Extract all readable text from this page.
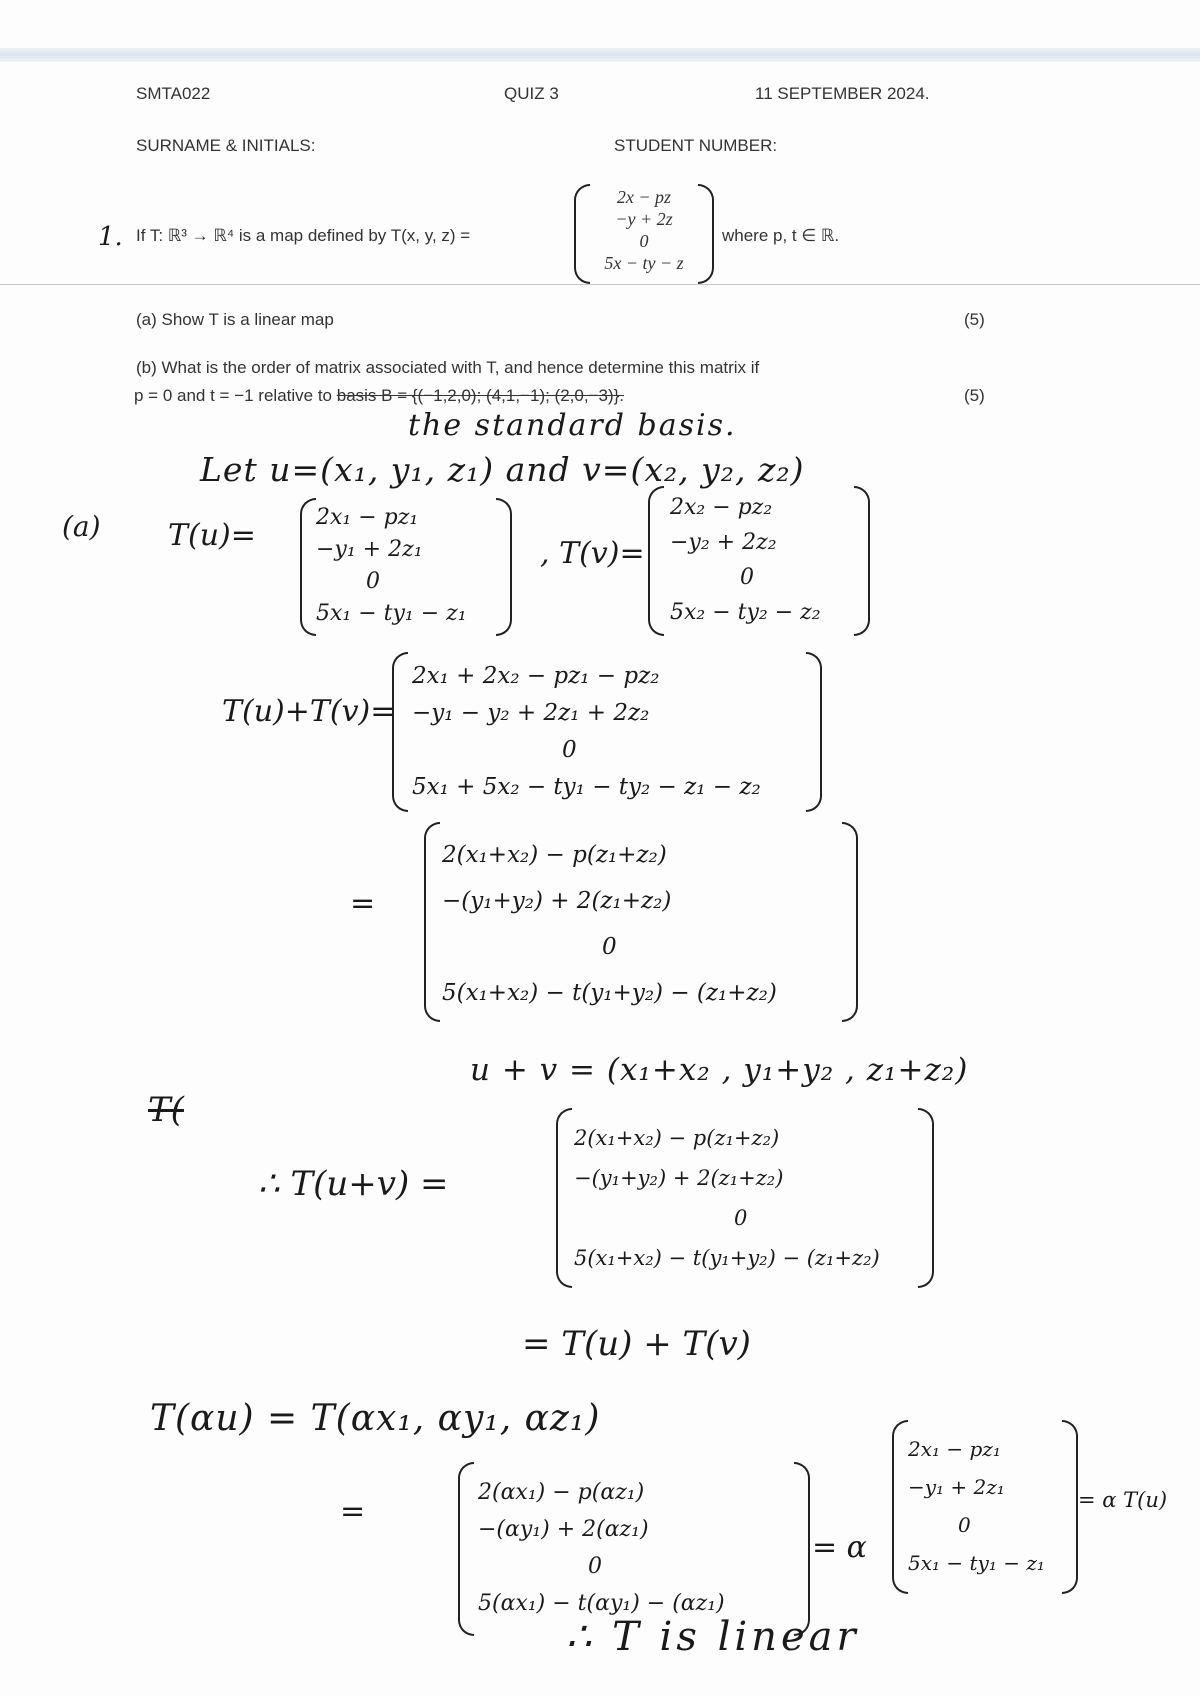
SMTA022	QUIZ 3	11 SEPTEMBER 2024.
SURNAME & INITIALS:	STUDENT NUMBER:
1. If T: ℝ³ → ℝ⁴ is a map defined by T(x, y, z) =
2x − pz
−y + 2z
0
5x − ty − z
where p, t ∈ ℝ.
(a) Show T is a linear map	(5)
(b) What is the order of matrix associated with T, and hence determine this matrix if
p = 0 and t = −1 relative to basis B = {(−1,2,0); (4,1,−1); (2,0,−3)}.	(5)
the standard basis.
Let u=(x₁, y₁, z₁) and v=(x₂, y₂, z₂)
(a) T(u)=
2x₁ − pz₁
−y₁ + 2z₁
0
5x₁ − ty₁ − z₁
, T(v)=
2x₂ − pz₂
−y₂ + 2z₂
0
5x₂ − ty₂ − z₂
T(u)+T(v)=
2x₁ + 2x₂ − pz₁ − pz₂
−y₁ − y₂ + 2z₁ + 2z₂
0
5x₁ + 5x₂ − ty₁ − ty₂ − z₁ − z₂
=
2(x₁+x₂) − p(z₁+z₂)
−(y₁+y₂) + 2(z₁+z₂)
0
5(x₁+x₂) − t(y₁+y₂) − (z₁+z₂)
T(
u + v = (x₁+x₂ , y₁+y₂ , z₁+z₂)
∴ T(u+v) =
2(x₁+x₂) − p(z₁+z₂)
−(y₁+y₂) + 2(z₁+z₂)
0
5(x₁+x₂) − t(y₁+y₂) − (z₁+z₂)
= T(u) + T(v)
T(αu) = T(αx₁, αy₁, αz₁)
=
2(αx₁) − p(αz₁)
−(αy₁) + 2(αz₁)
0
5(αx₁) − t(αy₁) − (αz₁)
= α
2x₁ − pz₁
−y₁ + 2z₁
0
5x₁ − ty₁ − z₁
= α T(u)
∴ T is linear
